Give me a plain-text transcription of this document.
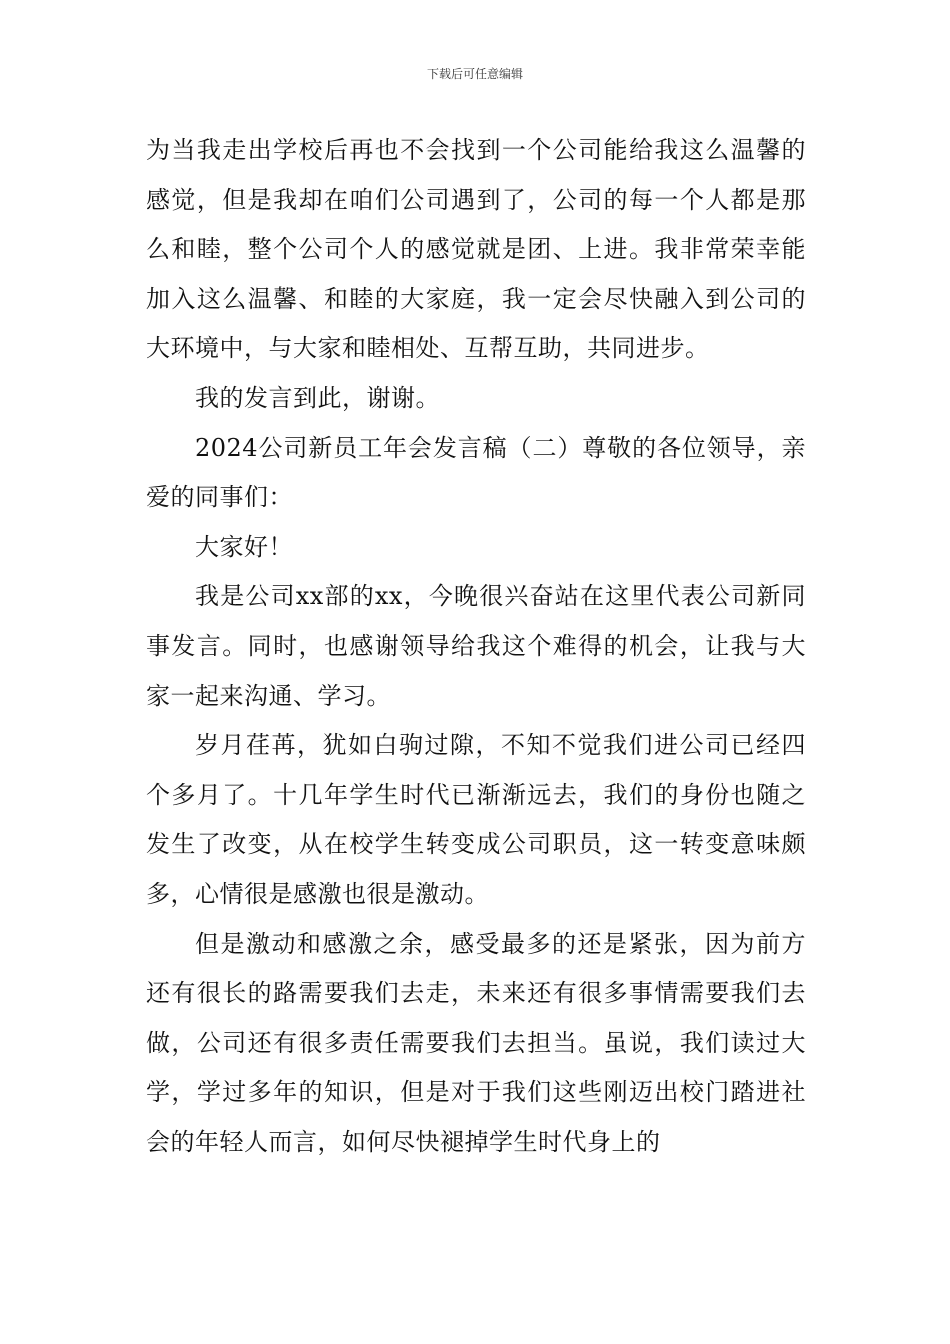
下载后可任意编辑

为当我走出学校后再也不会找到一个公司能给我这么温馨的感觉，但是我却在咱们公司遇到了，公司的每一个人都是那么和睦，整个公司个人的感觉就是团、上进。我非常荣幸能加入这么温馨、和睦的大家庭，我一定会尽快融入到公司的大环境中，与大家和睦相处、互帮互助，共同进步。

我的发言到此，谢谢。

2024公司新员工年会发言稿（二）尊敬的各位领导，亲爱的同事们：

大家好！

我是公司xx部的xx，今晚很兴奋站在这里代表公司新同事发言。同时，也感谢领导给我这个难得的机会，让我与大家一起来沟通、学习。

岁月荏苒，犹如白驹过隙，不知不觉我们进公司已经四个多月了。十几年学生时代已渐渐远去，我们的身份也随之发生了改变，从在校学生转变成公司职员，这一转变意味颇多，心情很是感激也很是激动。

但是激动和感激之余，感受最多的还是紧张，因为前方还有很长的路需要我们去走，未来还有很多事情需要我们去做，公司还有很多责任需要我们去担当。虽说，我们读过大学，学过多年的知识，但是对于我们这些刚迈出校门踏进社会的年轻人而言，如何尽快褪掉学生时代身上的
